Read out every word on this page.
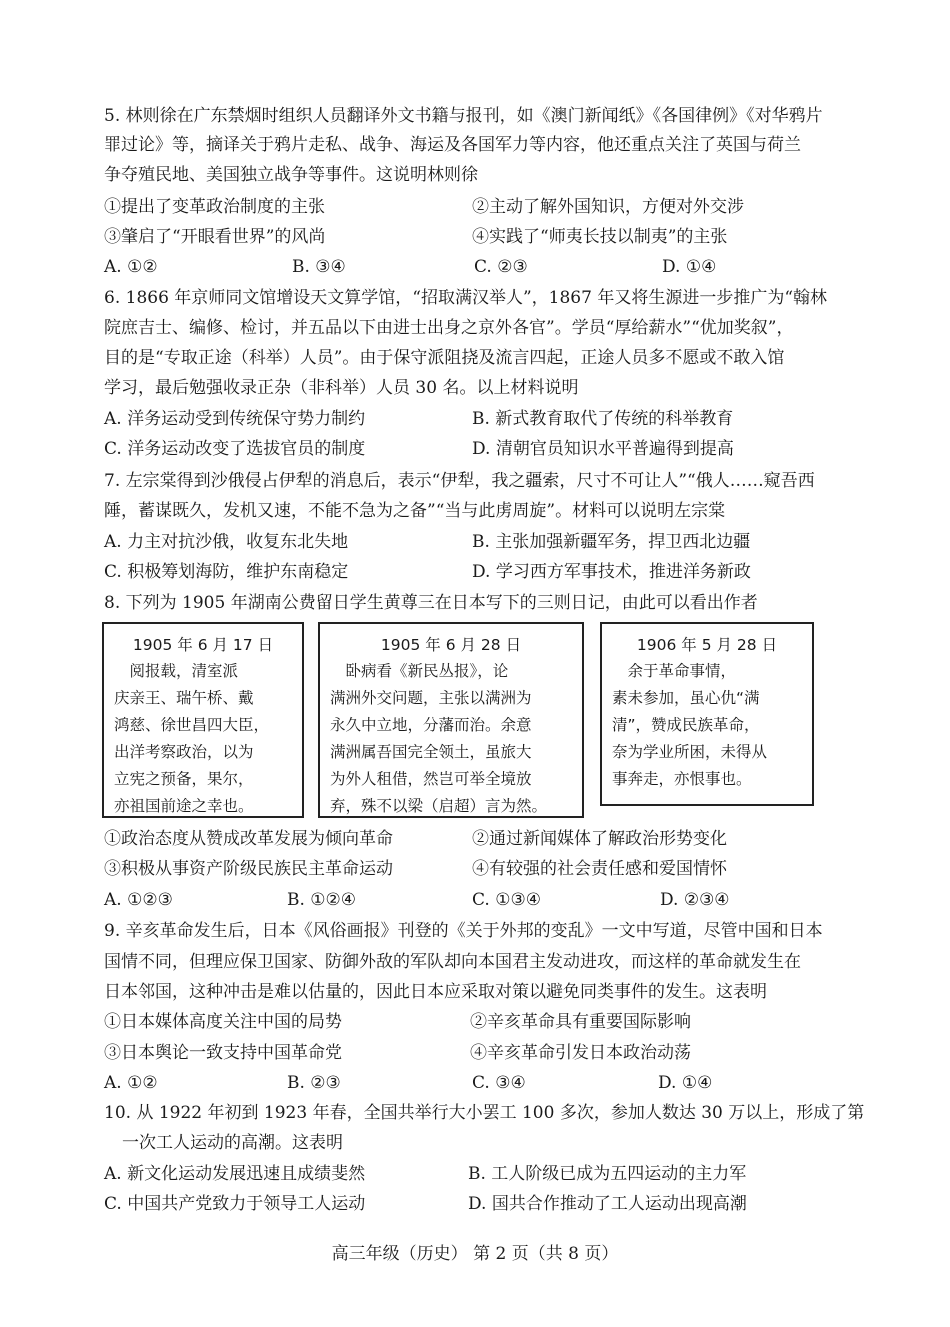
5. 林则徐在广东禁烟时组织人员翻译外文书籍与报刊，如《澳门新闻纸》《各国律例》《对华鸦片
罪过论》等，摘译关于鸦片走私、战争、海运及各国军力等内容，他还重点关注了英国与荷兰
争夺殖民地、美国独立战争等事件。这说明林则徐
①提出了变革政治制度的主张	②主动了解外国知识，方便对外交涉
③肇启了“开眼看世界”的风尚	④实践了“师夷长技以制夷”的主张
A. ①②	B. ③④	C. ②③	D. ①④
6. 1866 年京师同文馆增设天文算学馆，“招取满汉举人”，1867 年又将生源进一步推广为“翰林
院庶吉士、编修、检讨，并五品以下由进士出身之京外各官”。学员“厚给薪水”“优加奖叙”，
目的是“专取正途（科举）人员”。由于保守派阻挠及流言四起，正途人员多不愿或不敢入馆
学习，最后勉强收录正杂（非科举）人员 30 名。以上材料说明
A. 洋务运动受到传统保守势力制约	B. 新式教育取代了传统的科举教育
C. 洋务运动改变了选拔官员的制度	D. 清朝官员知识水平普遍得到提高
7. 左宗棠得到沙俄侵占伊犁的消息后，表示“伊犁，我之疆索，尺寸不可让人”“俄人……窥吾西
陲，蓄谋既久，发机又速，不能不急为之备”“当与此虏周旋”。材料可以说明左宗棠
A. 力主对抗沙俄，收复东北失地	B. 主张加强新疆军务，捍卫西北边疆
C. 积极筹划海防，维护东南稳定	D. 学习西方军事技术，推进洋务新政
8. 下列为 1905 年湖南公费留日学生黄尊三在日本写下的三则日记，由此可以看出作者
1905 年 6 月 17 日
　阅报载，清室派
庆亲王、瑞午桥、戴
鸿慈、徐世昌四大臣，
出洋考察政治，以为
立宪之预备，果尔，
亦祖国前途之幸也。
1905 年 6 月 28 日
　卧病看《新民丛报》，论
满洲外交问题，主张以满洲为
永久中立地，分藩而治。余意
满洲属吾国完全领土，虽旅大
为外人租借，然岂可举全境放
弃，殊不以梁（启超）言为然。
1906 年 5 月 28 日
　余于革命事情，
素未参加，虽心仇“满
清”，赞成民族革命，
奈为学业所困，未得从
事奔走，亦恨事也。
①政治态度从赞成改革发展为倾向革命	②通过新闻媒体了解政治形势变化
③积极从事资产阶级民族民主革命运动	④有较强的社会责任感和爱国情怀
A. ①②③	B. ①②④	C. ①③④	D. ②③④
9. 辛亥革命发生后，日本《风俗画报》刊登的《关于外邦的变乱》一文中写道，尽管中国和日本
国情不同，但理应保卫国家、防御外敌的军队却向本国君主发动进攻，而这样的革命就发生在
日本邻国，这种冲击是难以估量的，因此日本应采取对策以避免同类事件的发生。这表明
①日本媒体高度关注中国的局势	②辛亥革命具有重要国际影响
③日本舆论一致支持中国革命党	④辛亥革命引发日本政治动荡
A. ①②	B. ②③	C. ③④	D. ①④
10. 从 1922 年初到 1923 年春，全国共举行大小罢工 100 多次，参加人数达 30 万以上，形成了第
一次工人运动的高潮。这表明
A. 新文化运动发展迅速且成绩斐然	B. 工人阶级已成为五四运动的主力军
C. 中国共产党致力于领导工人运动	D. 国共合作推动了工人运动出现高潮
高三年级（历史） 第 2 页（共 8 页）
